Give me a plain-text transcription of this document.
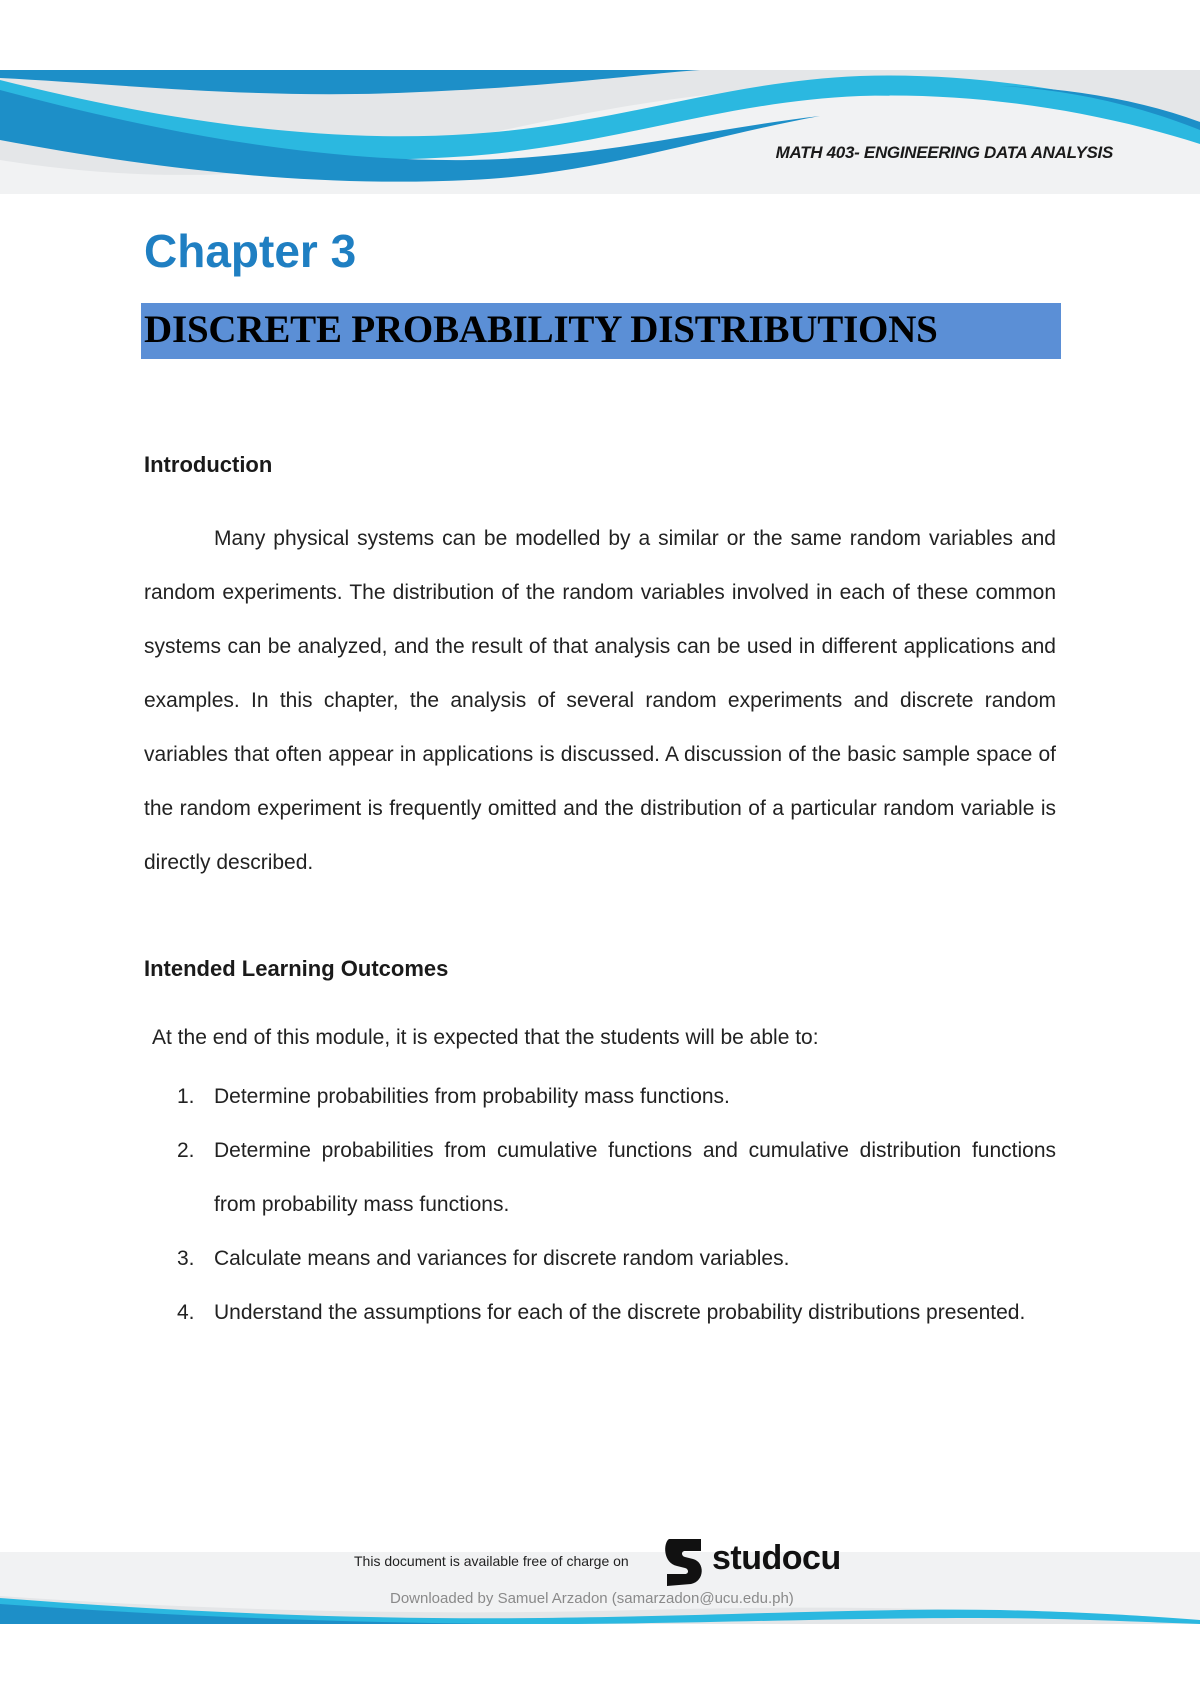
MATH 403- ENGINEERING DATA ANALYSIS
Chapter 3
DISCRETE PROBABILITY DISTRIBUTIONS
Introduction

Many physical systems can be modelled by a similar or the same random variables and random experiments. The distribution of the random variables involved in each of these common systems can be analyzed, and the result of that analysis can be used in different applications and examples. In this chapter, the analysis of several random experiments and discrete random variables that often appear in applications is discussed. A discussion of the basic sample space of the random experiment is frequently omitted and the distribution of a particular random variable is directly described.

Intended Learning Outcomes

At the end of this module, it is expected that the students will be able to:

1. Determine probabilities from probability mass functions.
2. Determine probabilities from cumulative functions and cumulative distribution functions from probability mass functions.
3. Calculate means and variances for discrete random variables.
4. Understand the assumptions for each of the discrete probability distributions presented.
This document is available free of charge on studocu
Downloaded by Samuel Arzadon (samarzadon@ucu.edu.ph)
